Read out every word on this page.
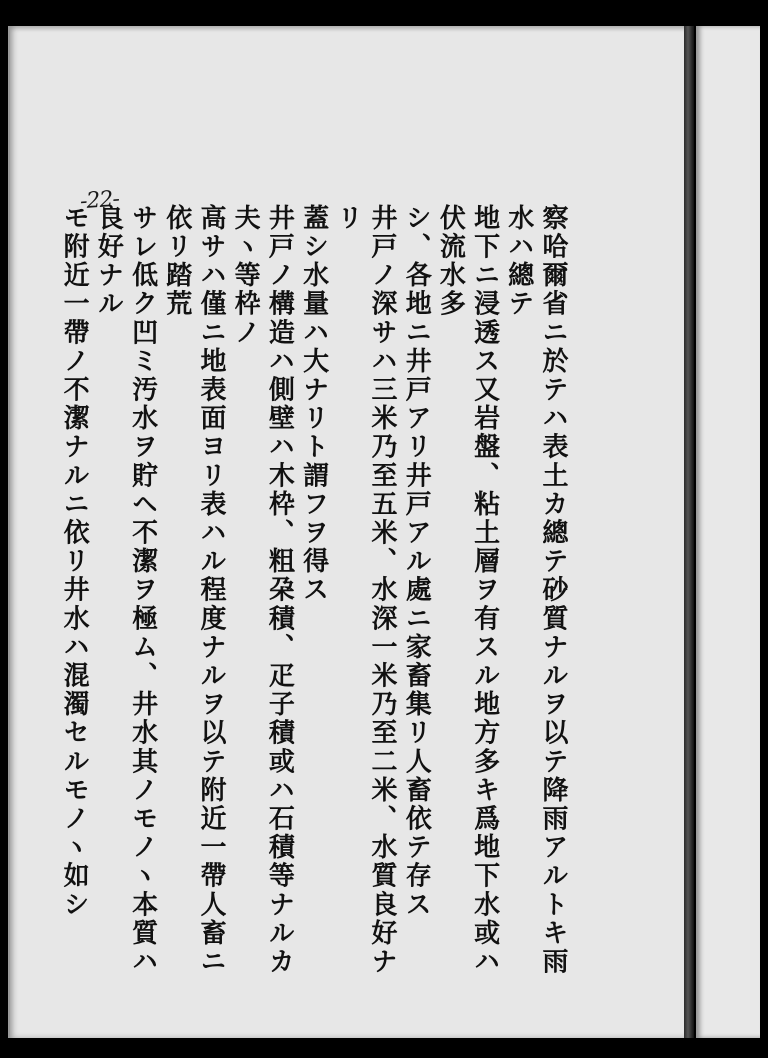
-22-
察哈爾省ニ於テハ表土カ總テ砂質ナルヲ以テ降雨アルトキ雨水ハ總テ
地下ニ浸透ス又岩盤、粘土層ヲ有スル地方多キ爲地下水或ハ伏流水多
シ、各地ニ井戸アリ井戸アル處ニ家畜集リ人畜依テ存ス
井戸ノ深サハ三米乃至五米、水深一米乃至二米、水質良好ナリ
蓋シ水量ハ大ナリト謂フヲ得ス
井戸ノ構造ハ側壁ハ木枠、粗朶積、疋子積或ハ石積等ナルカ夫ヽ等枠ノ
高サハ僅ニ地表面ヨリ表ハル程度ナルヲ以テ附近一帶人畜ニ依リ踏荒
サレ低ク凹ミ汚水ヲ貯ヘ不潔ヲ極ム、井水其ノモノヽ本質ハ良好ナル
モ附近一帶ノ不潔ナルニ依リ井水ハ混濁セルモノヽ如シ
